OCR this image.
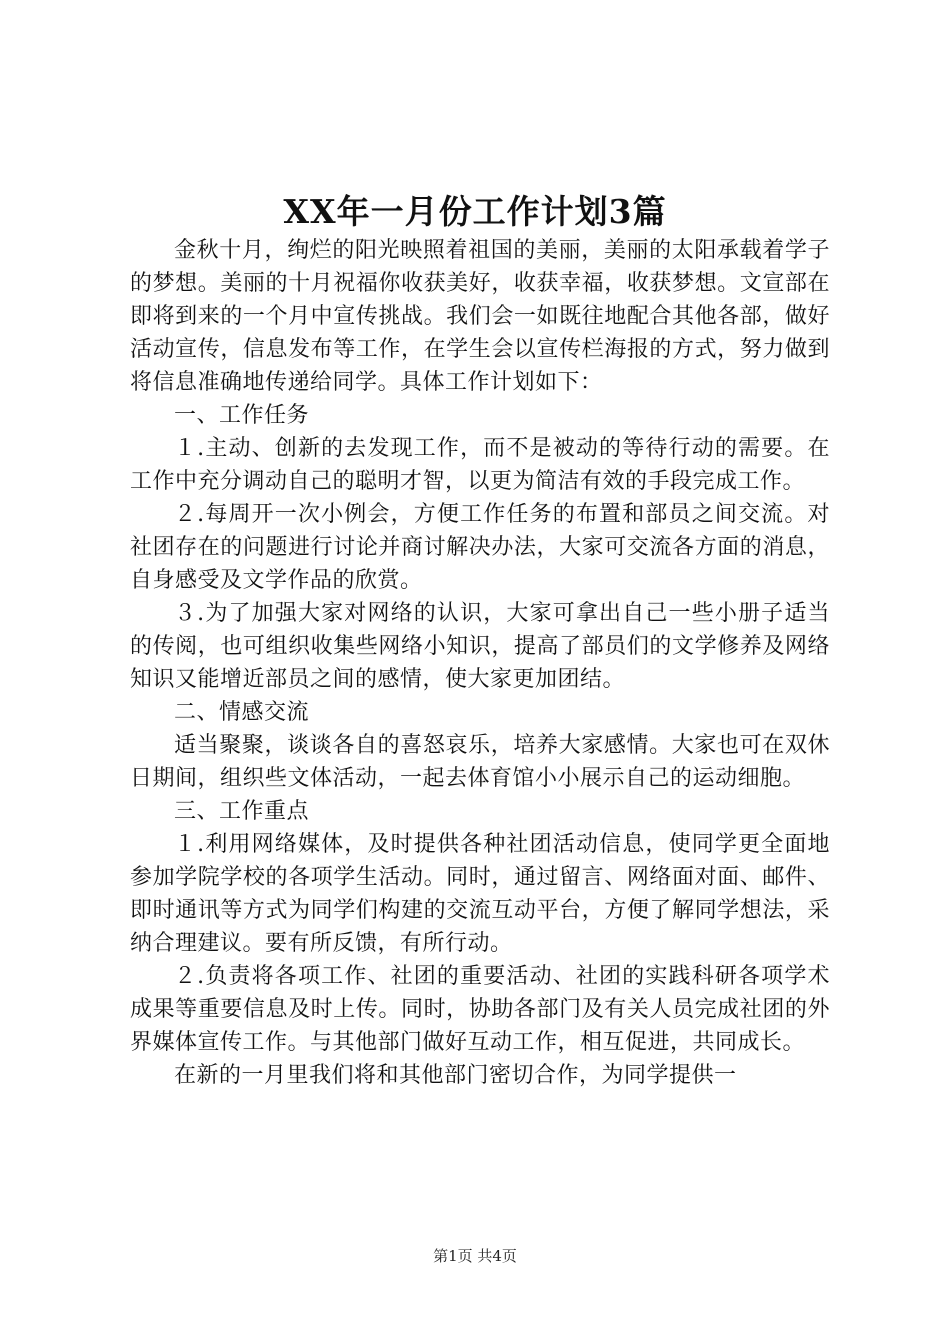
XX年一月份工作计划3篇

金秋十月，绚烂的阳光映照着祖国的美丽，美丽的太阳承载着学子的梦想。美丽的十月祝福你收获美好，收获幸福，收获梦想。文宣部在即将到来的一个月中宣传挑战。我们会一如既往地配合其他各部，做好活动宣传，信息发布等工作，在学生会以宣传栏海报的方式，努力做到将信息准确地传递给同学。具体工作计划如下：

一、工作任务

１.主动、创新的去发现工作，而不是被动的等待行动的需要。在工作中充分调动自己的聪明才智，以更为简洁有效的手段完成工作。

２.每周开一次小例会，方便工作任务的布置和部员之间交流。对社团存在的问题进行讨论并商讨解决办法，大家可交流各方面的消息，自身感受及文学作品的欣赏。

３.为了加强大家对网络的认识，大家可拿出自己一些小册子适当的传阅，也可组织收集些网络小知识，提高了部员们的文学修养及网络知识又能增近部员之间的感情，使大家更加团结。

二、情感交流

适当聚聚，谈谈各自的喜怒哀乐，培养大家感情。大家也可在双休日期间，组织些文体活动，一起去体育馆小小展示自己的运动细胞。

三、工作重点

１.利用网络媒体，及时提供各种社团活动信息，使同学更全面地参加学院学校的各项学生活动。同时，通过留言、网络面对面、邮件、即时通讯等方式为同学们构建的交流互动平台，方便了解同学想法，采纳合理建议。要有所反馈，有所行动。

２.负责将各项工作、社团的重要活动、社团的实践科研各项学术成果等重要信息及时上传。同时，协助各部门及有关人员完成社团的外界媒体宣传工作。与其他部门做好互动工作，相互促进，共同成长。

在新的一月里我们将和其他部门密切合作，为同学提供一

第1页 共4页
